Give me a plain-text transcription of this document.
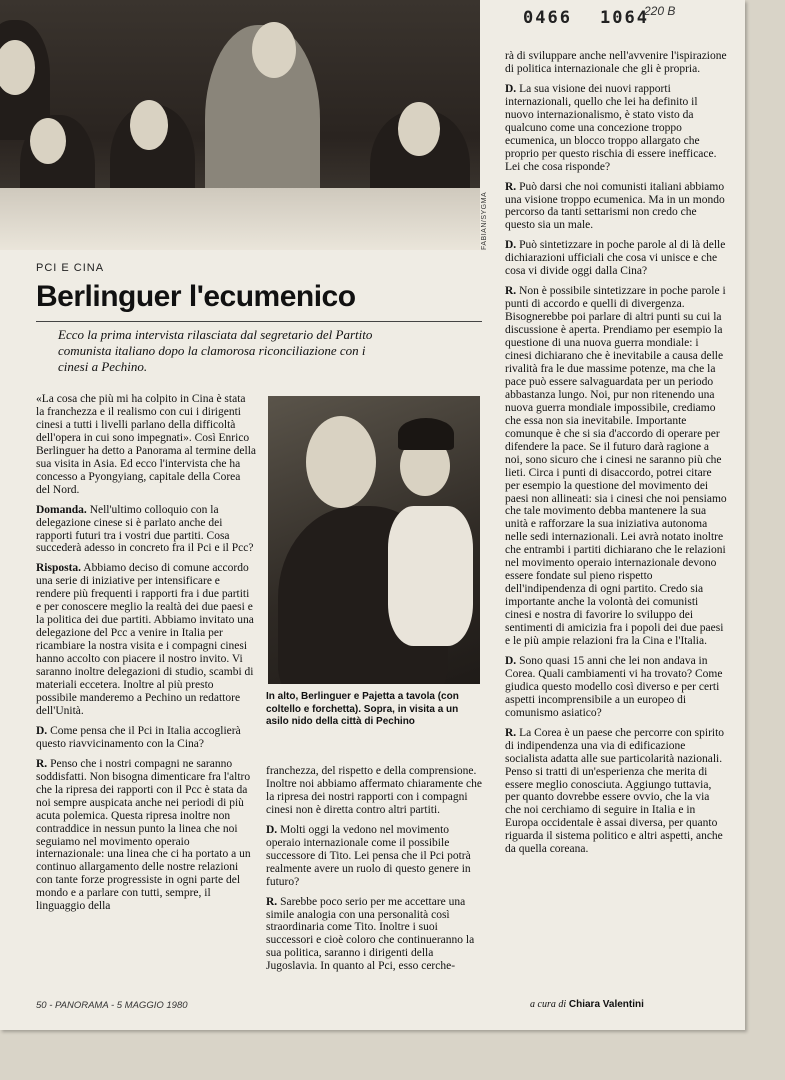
FABIAN/SYGMA
0466 1064
220 B
PCI E CINA
Berlinguer l'ecumenico
Ecco la prima intervista rilasciata dal segretario del Partito comunista italiano dopo la clamorosa riconciliazione con i cinesi a Pechino.

«La cosa che più mi ha colpito in Cina è stata la franchezza e il realismo con cui i dirigenti cinesi a tutti i livelli parlano della difficoltà dell'opera in cui sono impegnati». Così Enrico Berlinguer ha detto a Panorama al termine della sua visita in Asia. Ed ecco l'intervista che ha concesso a Pyongyiang, capitale della Corea del Nord.

Domanda. Nell'ultimo colloquio con la delegazione cinese si è parlato anche dei rapporti futuri tra i vostri due partiti. Cosa succederà adesso in concreto fra il Pci e il Pcc?

Risposta. Abbiamo deciso di comune accordo una serie di iniziative per intensificare e rendere più frequenti i rapporti fra i due partiti e per conoscere meglio la realtà dei due paesi e la politica dei due partiti. Abbiamo invitato una delegazione del Pcc a venire in Italia per ricambiare la nostra visita e i compagni cinesi hanno accolto con piacere il nostro invito. Vi saranno inoltre delegazioni di studio, scambi di materiali eccetera. Inoltre al più presto possibile manderemo a Pechino un redattore dell'Unità.

D. Come pensa che il Pci in Italia accoglierà questo riavvicinamento con la Cina?

R. Penso che i nostri compagni ne saranno soddisfatti. Non bisogna dimenticare fra l'altro che la ripresa dei rapporti con il Pcc è stata da noi sempre auspicata anche nei periodi di più acuta polemica. Questa ripresa inoltre non contraddice in nessun punto la linea che noi seguiamo nel movimento operaio internazionale: una linea che ci ha portato a un continuo allargamento delle nostre relazioni con tante forze progressiste in ogni parte del mondo e a parlare con tutti, sempre, il linguaggio della

In alto, Berlinguer e Pajetta a tavola (con coltello e forchetta). Sopra, in visita a un asilo nido della città di Pechino

franchezza, del rispetto e della comprensione. Inoltre noi abbiamo affermato chiaramente che la ripresa dei nostri rapporti con i compagni cinesi non è diretta contro altri partiti.

D. Molti oggi la vedono nel movimento operaio internazionale come il possibile successore di Tito. Lei pensa che il Pci potrà realmente avere un ruolo di questo genere in futuro?

R. Sarebbe poco serio per me accettare una simile analogia con una personalità così straordinaria come Tito. Inoltre i suoi successori e cioè coloro che continueranno la sua politica, saranno i dirigenti della Jugoslavia. In quanto al Pci, esso cerche-

rà di sviluppare anche nell'avvenire l'ispirazione di politica internazionale che gli è propria.

D. La sua visione dei nuovi rapporti internazionali, quello che lei ha definito il nuovo internazionalismo, è stato visto da qualcuno come una concezione troppo ecumenica, un blocco troppo allargato che proprio per questo rischia di essere inefficace. Lei che cosa risponde?

R. Può darsi che noi comunisti italiani abbiamo una visione troppo ecumenica. Ma in un mondo percorso da tanti settarismi non credo che questo sia un male.

D. Può sintetizzare in poche parole al di là delle dichiarazioni ufficiali che cosa vi unisce e che cosa vi divide oggi dalla Cina?

R. Non è possibile sintetizzare in poche parole i punti di accordo e quelli di divergenza. Bisognerebbe poi parlare di altri punti su cui la discussione è aperta. Prendiamo per esempio la questione di una nuova guerra mondiale: i cinesi dichiarano che è inevitabile a causa delle rivalità fra le due massime potenze, ma che la pace può essere salvaguardata per un periodo abbastanza lungo. Noi, pur non ritenendo una nuova guerra mondiale impossibile, crediamo che essa non sia inevitabile. Importante comunque è che si sia d'accordo di operare per difendere la pace. Se il futuro darà ragione a noi, sono sicuro che i cinesi ne saranno più che lieti. Circa i punti di disaccordo, potrei citare per esempio la questione del movimento dei paesi non allineati: sia i cinesi che noi pensiamo che tale movimento debba mantenere la sua unità e rafforzare la sua iniziativa autonoma nelle sedi internazionali. Lei avrà notato inoltre che entrambi i partiti dichiarano che le relazioni nel movimento operaio internazionale devono essere fondate sul pieno rispetto dell'indipendenza di ogni partito. Credo sia importante anche la volontà dei comunisti cinesi e nostra di favorire lo sviluppo dei sentimenti di amicizia fra i popoli dei due paesi e le più ampie relazioni fra la Cina e l'Italia.

D. Sono quasi 15 anni che lei non andava in Corea. Quali cambiamenti vi ha trovato? Come giudica questo modello così diverso e per certi aspetti incomprensibile a un europeo di comunismo asiatico?

R. La Corea è un paese che percorre con spirito di indipendenza una via di edificazione socialista adatta alle sue particolarità nazionali. Penso si tratti di un'esperienza che merita di essere meglio conosciuta. Aggiungo tuttavia, per quanto dovrebbe essere ovvio, che la via che noi cerchiamo di seguire in Italia e in Europa occidentale è assai diversa, per quanto riguarda il sistema politico e altri aspetti, anche da quella coreana.

a cura di Chiara Valentini
50 - PANORAMA - 5 MAGGIO 1980
